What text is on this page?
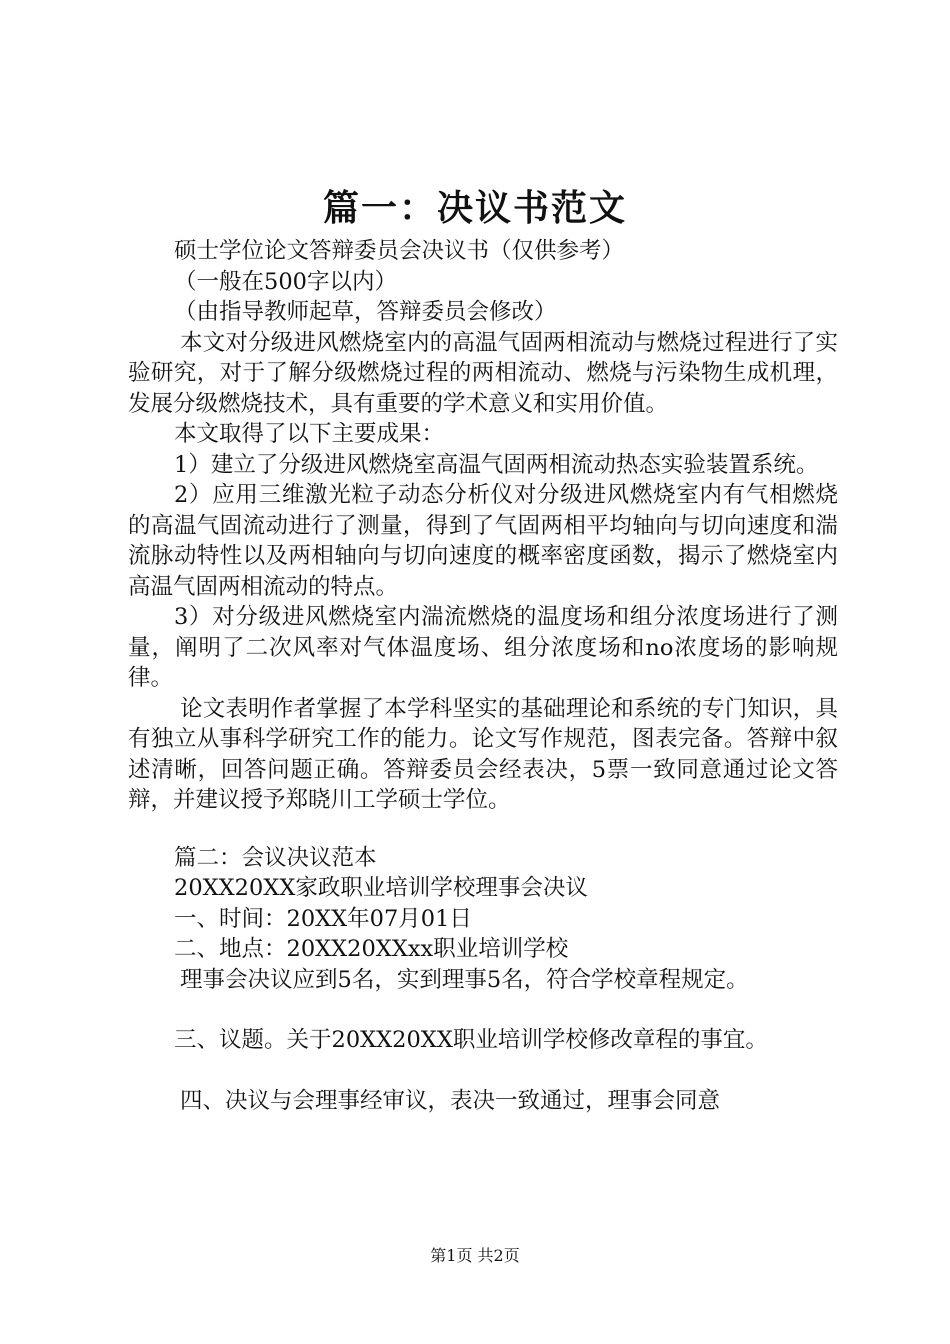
篇一：决议书范文

硕士学位论文答辩委员会决议书（仅供参考）

（一般在500字以内）

（由指导教师起草，答辩委员会修改）

本文对分级进风燃烧室内的高温气固两相流动与燃烧过程进行了实验研究，对于了解分级燃烧过程的两相流动、燃烧与污染物生成机理，发展分级燃烧技术，具有重要的学术意义和实用价值。

本文取得了以下主要成果：

1）建立了分级进风燃烧室高温气固两相流动热态实验装置系统。

2）应用三维激光粒子动态分析仪对分级进风燃烧室内有气相燃烧的高温气固流动进行了测量，得到了气固两相平均轴向与切向速度和湍流脉动特性以及两相轴向与切向速度的概率密度函数，揭示了燃烧室内高温气固两相流动的特点。

3）对分级进风燃烧室内湍流燃烧的温度场和组分浓度场进行了测量，阐明了二次风率对气体温度场、组分浓度场和no浓度场的影响规律。

论文表明作者掌握了本学科坚实的基础理论和系统的专门知识，具有独立从事科学研究工作的能力。论文写作规范，图表完备。答辩中叙述清晰，回答问题正确。答辩委员会经表决，5票一致同意通过论文答辩，并建议授予郑晓川工学硕士学位。

篇二：会议决议范本

20XX20XX家政职业培训学校理事会决议

一、时间：20XX年07月01日

二、地点：20XX20XXxx职业培训学校

理事会决议应到5名，实到理事5名，符合学校章程规定。

三、议题。关于20XX20XX职业培训学校修改章程的事宜。

四、决议与会理事经审议，表决一致通过，理事会同意

第1页 共2页
